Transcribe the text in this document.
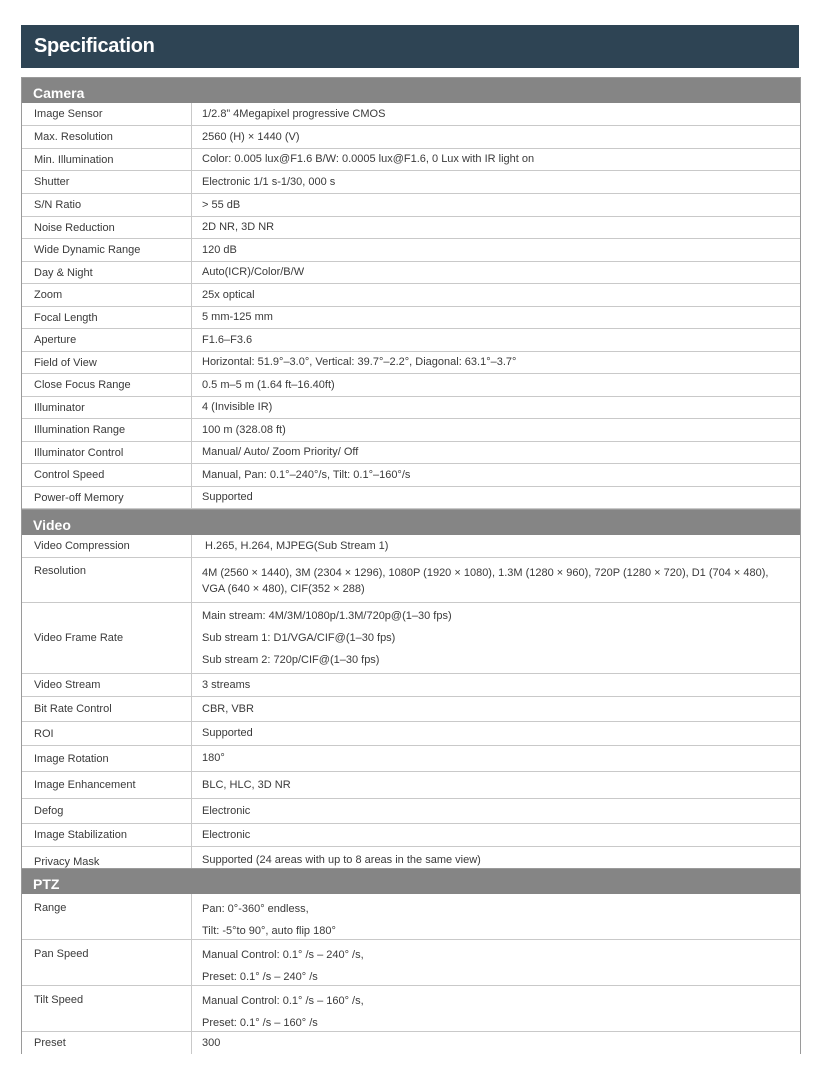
Specification
Camera
Image Sensor	1/2.8” 4Megapixel progressive CMOS
Max. Resolution	2560 (H) × 1440 (V)
Min. Illumination	Color: 0.005 lux@F1.6 B/W: 0.0005 lux@F1.6, 0 Lux with IR light on
Shutter	Electronic 1/1 s-1/30, 000 s
S/N Ratio	> 55 dB
Noise Reduction	2D NR, 3D NR
Wide Dynamic Range	120 dB
Day & Night	Auto(ICR)/Color/B/W
Zoom	25x optical
Focal Length	5 mm-125 mm
Aperture	F1.6–F3.6
Field of View	Horizontal: 51.9°–3.0°, Vertical: 39.7°–2.2°, Diagonal: 63.1°–3.7°
Close Focus Range	0.5 m–5 m (1.64 ft–16.40ft)
Illuminator	4 (Invisible IR)
Illumination Range	100 m (328.08 ft)
Illuminator Control	Manual/ Auto/ Zoom Priority/ Off
Control Speed	Manual, Pan: 0.1°–240°/s, Tilt: 0.1°–160°/s
Power-off Memory	Supported
Video
Video Compression	H.265, H.264, MJPEG(Sub Stream 1)
Resolution	4M (2560 × 1440), 3M (2304 × 1296), 1080P (1920 × 1080), 1.3M (1280 × 960), 720P (1280 × 720), D1 (704 × 480),
VGA (640 × 480), CIF(352 × 288)
Video Frame Rate
Main stream: 4M/3M/1080p/1.3M/720p@(1–30 fps)
Sub stream 1: D1/VGA/CIF@(1–30 fps)
Sub stream 2: 720p/CIF@(1–30 fps)
Video Stream	3 streams
Bit Rate Control	CBR, VBR
ROI	Supported
Image Rotation	180°
Image Enhancement	BLC, HLC, 3D NR
Defog	Electronic
Image Stabilization	Electronic
Privacy Mask	Supported (24 areas with up to 8 areas in the same view)
PTZ
Range	Pan: 0°-360° endless,
Tilt: -5°to 90°, auto flip 180°
Pan Speed	Manual Control: 0.1° /s – 240° /s,
Preset: 0.1° /s – 240° /s
Tilt Speed	Manual Control: 0.1° /s – 160° /s,
Preset: 0.1° /s – 160° /s
Preset	300
